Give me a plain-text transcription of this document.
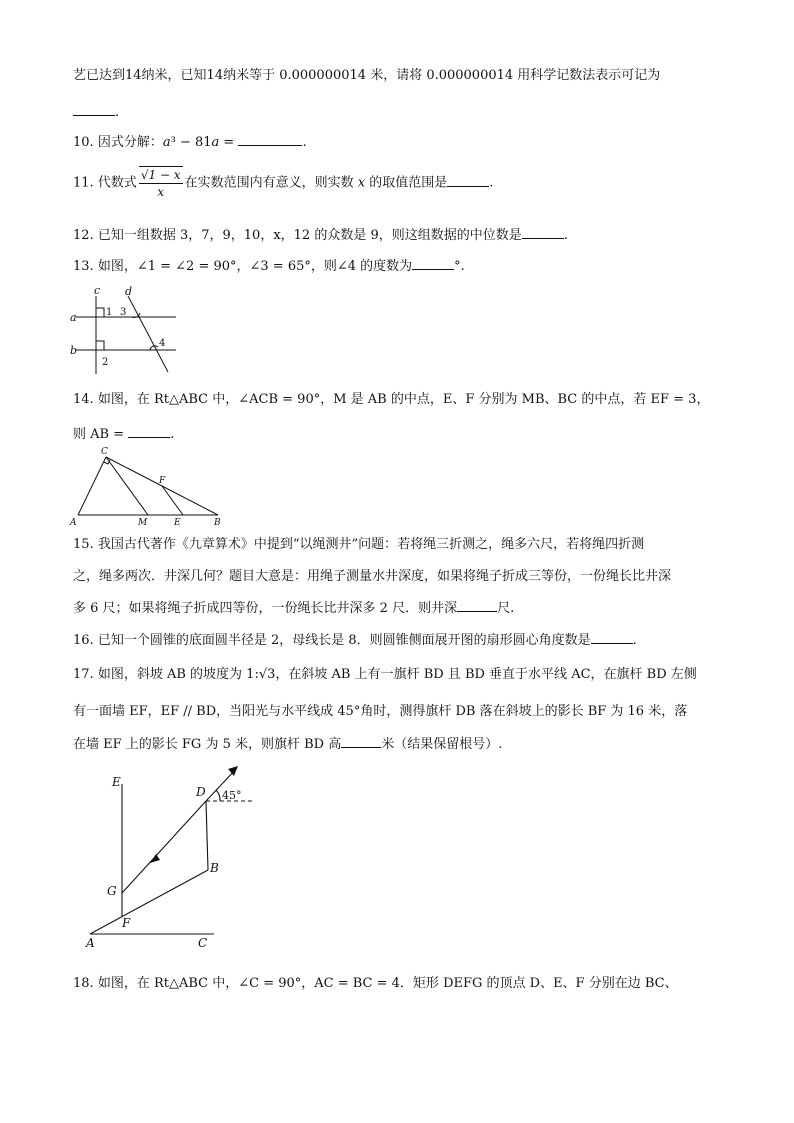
艺已达到14纳米，已知14纳米等于 0.000000014 米，请将 0.000000014 用科学记数法表示可记为
.
10. 因式分解：a³ − 81a =	.
11. 代数式 $\frac{√1 - x}{x}$ 在实数范围内有意义，则实数 x 的取值范围是	.
12. 已知一组数据 3，7，9，10，x，12 的众数是 9，则这组数据的中位数是	.
13. 如图，∠1 = ∠2 = 90°，∠3 = 65°，则∠4 的度数为	°.
c d
a
b
1
2
3
4
14. 如图，在 Rt△ABC 中，∠ACB = 90°，M 是 AB 的中点，E、F 分别为 MB、BC 的中点，若 EF = 3，
则 AB =	.
C
F
A	M	E	B
15. 我国古代著作《九章算术》中提到“以绳测井”问题：若将绳三折测之，绳多六尺，若将绳四折测
之，绳多两次．井深几何？题目大意是：用绳子测量水井深度，如果将绳子折成三等份，一份绳长比井深
多 6 尺；如果将绳子折成四等份，一份绳长比井深多 2 尺．则井深	尺.
16. 已知一个圆锥的底面圆半径是 2，母线长是 8．则圆锥侧面展开图的扇形圆心角度数是	.
17. 如图，斜坡 AB 的坡度为 1:√3，在斜坡 AB 上有一旗杆 BD 且 BD 垂直于水平线 AC，在旗杆 BD 左侧
有一面墙 EF，EF // BD，当阳光与水平线成 45°角时，测得旗杆 DB 落在斜坡上的影长 BF 为 16 米，落
在墙 EF 上的影长 FG 为 5 米，则旗杆 BD 高	米（结果保留根号）.
E
D
B
G
F
A	C
45°
18. 如图，在 Rt△ABC 中，∠C = 90°，AC = BC = 4．矩形 DEFG 的顶点 D、E、F 分别在边 BC、
